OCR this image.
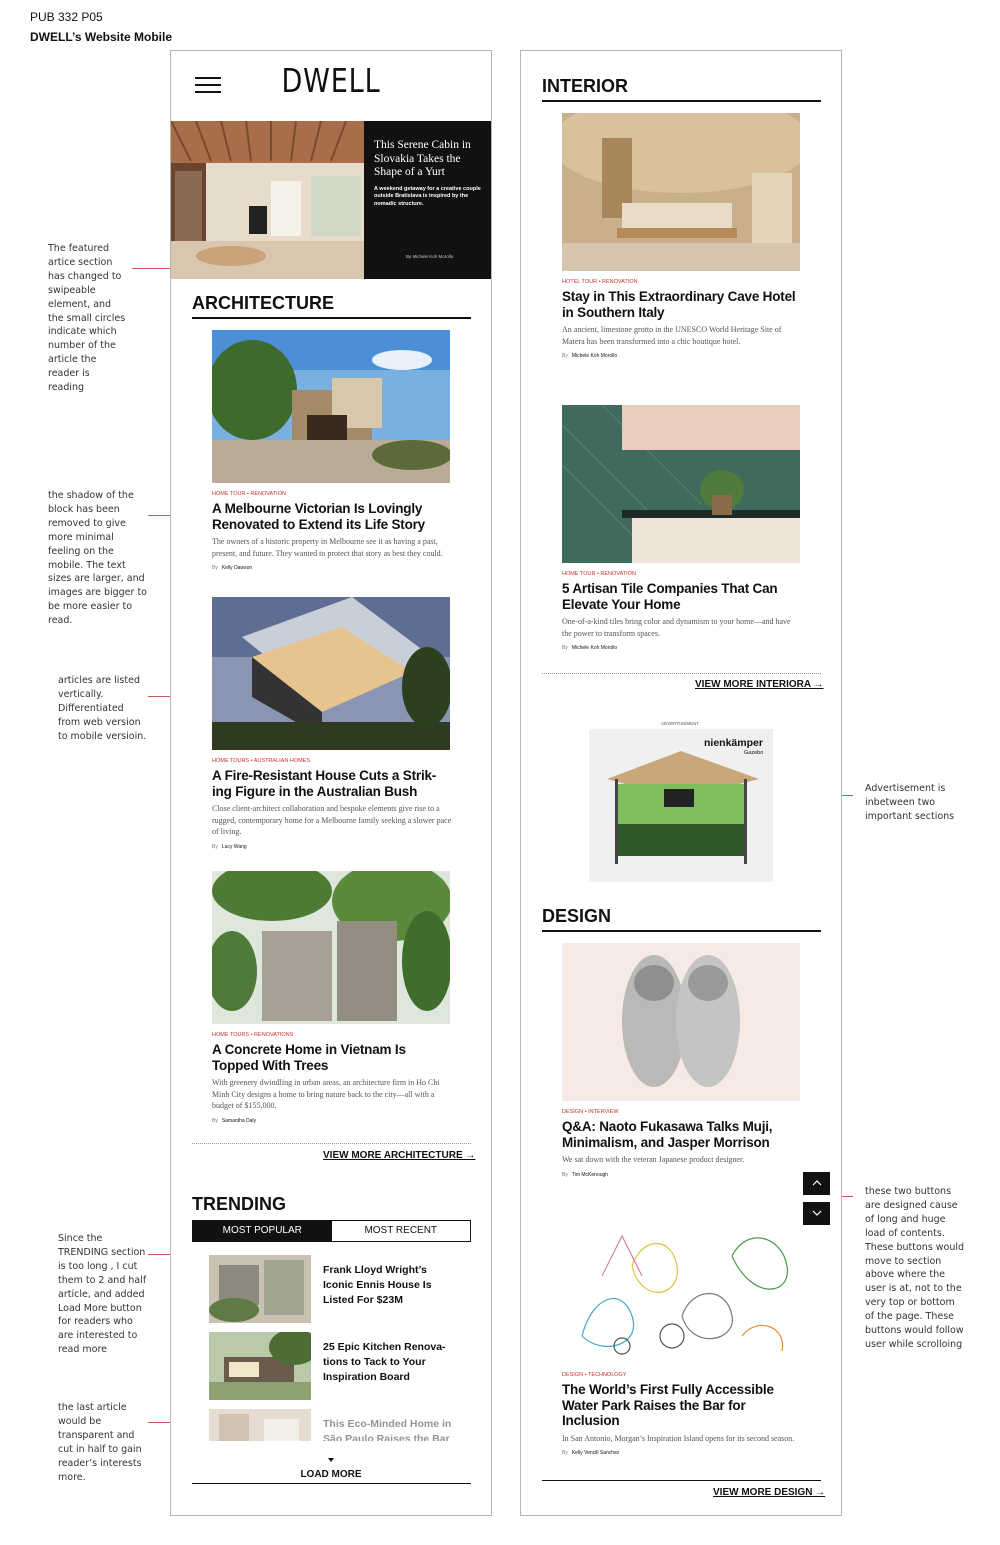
PUB 332 P05
DWELL’s Website Mobile
The featured artice section has changed to swipeable element, and the small circles indicate which number of the article the reader is reading
the shadow of the block has been removed to give more minimal feeling on the mobile. The text sizes are larger, and images are bigger to be more easier to read.
articles are listed vertically. Differentiated from web version to mobile versioin.
Since the TRENDING section is too long , I cut them to 2 and half article, and added Load More button for readers who are interested to read more
the last article would be transparent and cut in half to gain reader’s interests more.
Advertisement is inbetween two important sections
these two buttons are designed cause of long and huge load of contents. These buttons would move to section above where the user is at, not to the very top or bottom of the page. These buttons would follow user while scrolloing
DWELL
This Serene Cabin in Slovakia Takes the Shape of a Yurt
A weekend getaway for a creative couple outside Bratislava is inspired by the nomadic structure.
By Michele Koh Morollo
ARCHITECTURE
HOME TOUR • RENOVATION
A Melbourne Victorian Is Lovingly Renovated to Extend its Life Story
The owners of a historic property in Melbourne see it as having a past, present, and future. They wanted to protect that story as best they could.
By Kelly Dawson
HOME TOURS • AUSTRALIAN HOMES
A Fire-Resistant House Cuts a Strik- ing Figure in the Australian Bush
Close client-architect collaboration and bespoke elements give rise to a rugged, contemporary home for a Melbourne family seeking a slower pace of living.
By Lucy Wang
HOME TOURS • RENOVATIONS
A Concrete Home in Vietnam Is Topped With Trees
With greenery dwindling in urban areas, an architecture firm in Ho Chi Minh City designs a home to bring nature back to the city—all with a budget of $155,000.
By Samantha Daly
VIEW MORE ARCHITECTURE →
TRENDING
MOST POPULAR	MOST RECENT
Frank Lloyd Wright’s Iconic Ennis House Is Listed For $23M
25 Epic Kitchen Renova- tions to Tack to Your Inspiration Board
This Eco-Minded Home in São Paulo Raises the Bar
LOAD MORE
INTERIOR
HOTEL TOUR • RENOVATION
Stay in This Extraordinary Cave Hotel in Southern Italy
An ancient, limestone grotto in the UNESCO World Heritage Site of Matera has been transformed into a chic boutique hotel.
By Michele Koh Morollo
HOME TOUR • RENOVATION
5 Artisan Tile Companies That Can Elevate Your Home
One-of-a-kind tiles bring color and dynamism to your home—and have the power to transform spaces.
By Michele Koh Morollo
VIEW MORE INTERIORA →
ADVERTISEMENT
nienkämper
Gazebo
DESIGN
DESIGN • INTERVIEW
Q&A: Naoto Fukasawa Talks Muji, Minimalism, and Jasper Morrison
We sat down with the veteran Japanese product designer.
By Tim McKenough
DESIGN • TECHNOLOGY
The World’s First Fully Accessible Water Park Raises the Bar for Inclusion
In San Antonio, Morgan’s Inspiration Island opens for its second season.
By Kelly Vencill Sanchez
VIEW MORE DESIGN →
